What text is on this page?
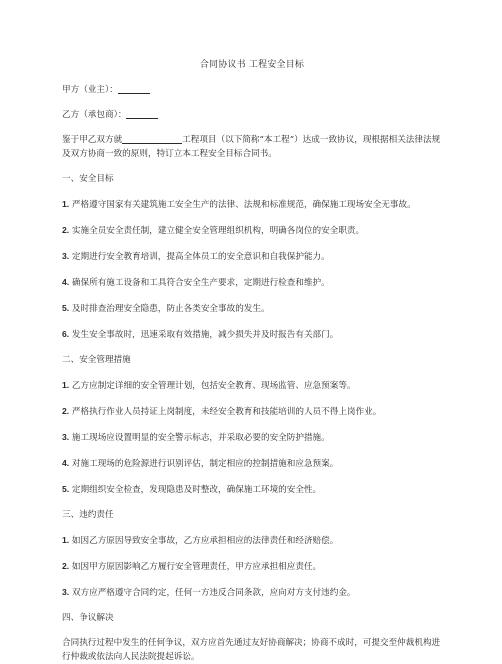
合同协议书 工程安全目标
甲方（业主）：
乙方（承包商）：
鉴于甲乙双方就	工程项目（以下简称“本工程”）达成一致协议，现根据相关法律法规及双方协商一致的原则，特订立本工程安全目标合同书。
一、安全目标
1. 严格遵守国家有关建筑施工安全生产的法律、法规和标准规范，确保施工现场安全无事故。
2. 实施全员安全责任制，建立健全安全管理组织机构，明确各岗位的安全职责。
3. 定期进行安全教育培训，提高全体员工的安全意识和自我保护能力。
4. 确保所有施工设备和工具符合安全生产要求，定期进行检查和维护。
5. 及时排查治理安全隐患，防止各类安全事故的发生。
6. 发生安全事故时，迅速采取有效措施，减少损失并及时报告有关部门。
二、安全管理措施
1. 乙方应制定详细的安全管理计划，包括安全教育、现场监管、应急预案等。
2. 严格执行作业人员持证上岗制度，未经安全教育和技能培训的人员不得上岗作业。
3. 施工现场应设置明显的安全警示标志，并采取必要的安全防护措施。
4. 对施工现场的危险源进行识别评估，制定相应的控制措施和应急预案。
5. 定期组织安全检查，发现隐患及时整改，确保施工环境的安全性。
三、违约责任
1. 如因乙方原因导致安全事故，乙方应承担相应的法律责任和经济赔偿。
2. 如因甲方原因影响乙方履行安全管理责任，甲方应承担相应责任。
3. 双方应严格遵守合同约定，任何一方违反合同条款，应向对方支付违约金。
四、争议解决
合同执行过程中发生的任何争议，双方应首先通过友好协商解决；协商不成时，可提交至仲裁机构进行仲裁或依法向人民法院提起诉讼。
